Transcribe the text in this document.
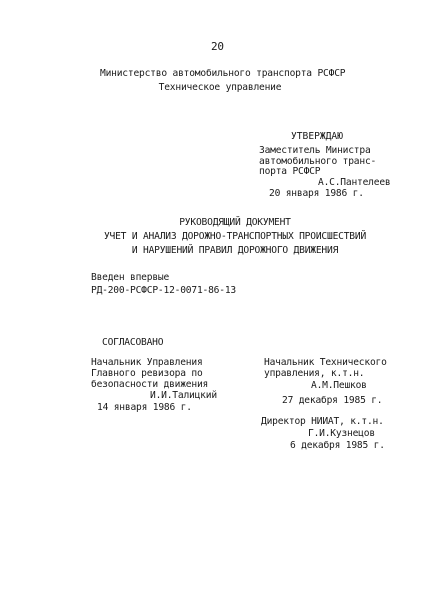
20
Министерство автомобильного транспорта РСФСР
Техническое управление
УТВЕРЖДАЮ
Заместитель Министра
автомобильного транс-
порта РСФСР
А.С.Пантелеев
20 января 1986 г.
РУКОВОДЯЩИЙ ДОКУМЕНТ
УЧЕТ И АНАЛИЗ ДОРОЖНО-ТРАНСПОРТНЫХ ПРОИСШЕСТВИЙ
И НАРУШЕНИЙ ПРАВИЛ ДОРОЖНОГО ДВИЖЕНИЯ
Введен впервые
РД-200-РСФСР-12-0071-86-13
СОГЛАСОВАНО
Начальник Управления
Главного ревизора по
безопасности движения
И.И.Талицкий
14 января 1986 г.
Начальник Технического
управления, к.т.н.
А.М.Пешков
27 декабря 1985 г.
Директор НИИАТ, к.т.н.
Г.И.Кузнецов
6 декабря 1985 г.
